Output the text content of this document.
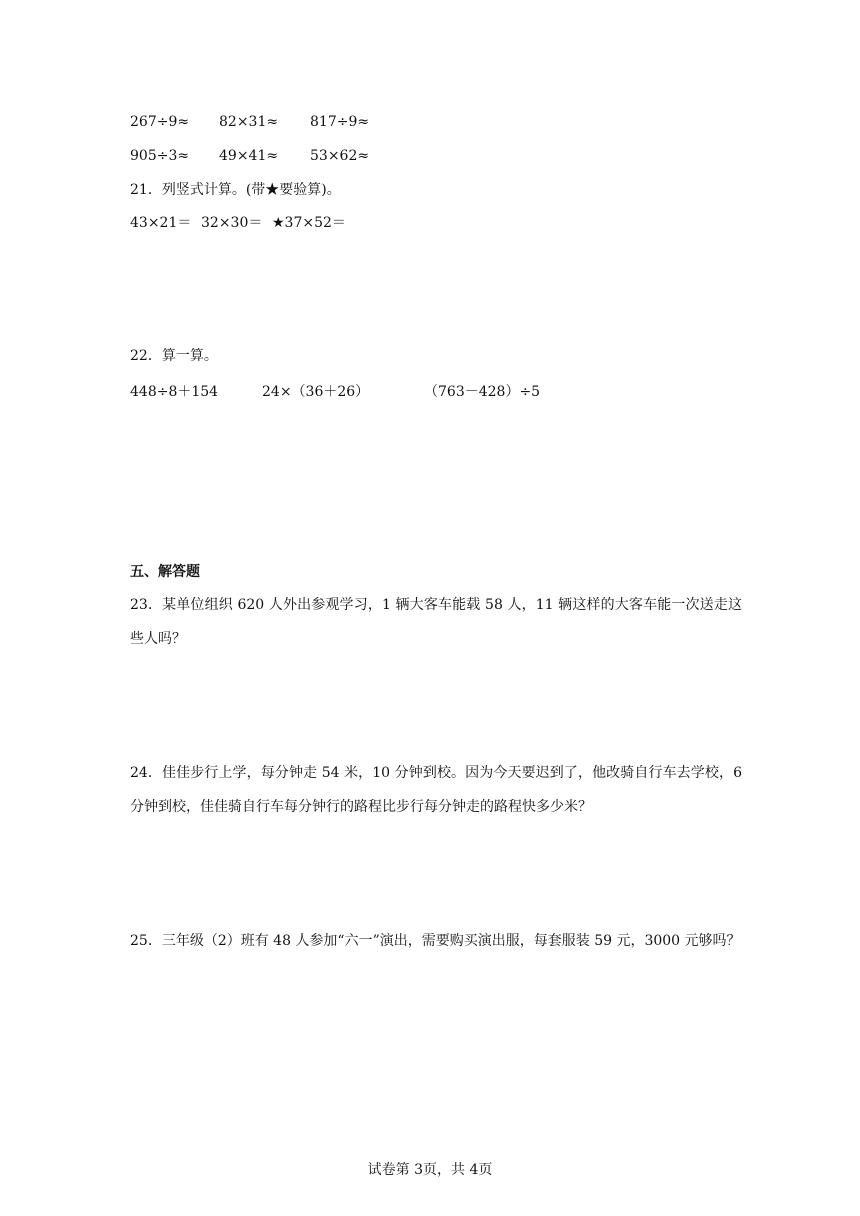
267÷9≈ 82×31≈ 817÷9≈
905÷3≈ 49×41≈ 53×62≈
21．列竖式计算。(带★要验算)。
43×21＝ 32×30＝ ★37×52＝
22．算一算。
448÷8＋154	24×（36＋26）	（763－428）÷5
五、解答题
23．某单位组织 620 人外出参观学习，1 辆大客车能载 58 人，11 辆这样的大客车能一次送走这些人吗？
24．佳佳步行上学，每分钟走 54 米，10 分钟到校。因为今天要迟到了，他改骑自行车去学校，6 分钟到校，佳佳骑自行车每分钟行的路程比步行每分钟走的路程快多少米？
25．三年级（2）班有 48 人参加“六一”演出，需要购买演出服，每套服装 59 元，3000 元够吗？
试卷第 3页，共 4页
